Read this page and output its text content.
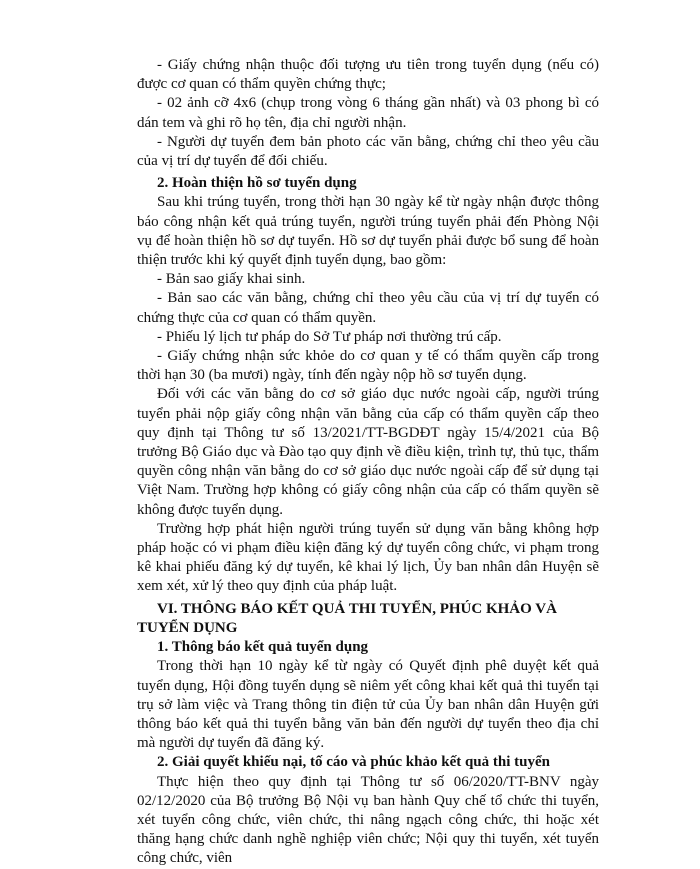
- Giấy chứng nhận thuộc đối tượng ưu tiên trong tuyển dụng (nếu có) được cơ quan có thẩm quyền chứng thực;

- 02 ảnh cỡ 4x6 (chụp trong vòng 6 tháng gần nhất) và 03 phong bì có dán tem và ghi rõ họ tên, địa chỉ người nhận.

- Người dự tuyển đem bản photo các văn bằng, chứng chỉ theo yêu cầu của vị trí dự tuyển để đối chiếu.

2. Hoàn thiện hồ sơ tuyển dụng

Sau khi trúng tuyển, trong thời hạn 30 ngày kể từ ngày nhận được thông báo công nhận kết quả trúng tuyển, người trúng tuyển phải đến Phòng Nội vụ để hoàn thiện hồ sơ dự tuyển. Hồ sơ dự tuyển phải được bổ sung để hoàn thiện trước khi ký quyết định tuyển dụng, bao gồm:

- Bản sao giấy khai sinh.

- Bản sao các văn bằng, chứng chỉ theo yêu cầu của vị trí dự tuyển có chứng thực của cơ quan có thẩm quyền.

- Phiếu lý lịch tư pháp do Sở Tư pháp nơi thường trú cấp.

- Giấy chứng nhận sức khỏe do cơ quan y tế có thẩm quyền cấp trong thời hạn 30 (ba mươi) ngày, tính đến ngày nộp hồ sơ tuyển dụng.

Đối với các văn bằng do cơ sở giáo dục nước ngoài cấp, người trúng tuyển phải nộp giấy công nhận văn bằng của cấp có thẩm quyền cấp theo quy định tại Thông tư số 13/2021/TT-BGDĐT ngày 15/4/2021 của Bộ trưởng Bộ Giáo dục và Đào tạo quy định về điều kiện, trình tự, thủ tục, thẩm quyền công nhận văn bằng do cơ sở giáo dục nước ngoài cấp để sử dụng tại Việt Nam. Trường hợp không có giấy công nhận của cấp có thẩm quyền sẽ không được tuyển dụng.

Trường hợp phát hiện người trúng tuyển sử dụng văn bằng không hợp pháp hoặc có vi phạm điều kiện đăng ký dự tuyển công chức, vi phạm trong kê khai phiếu đăng ký dự tuyển, kê khai lý lịch, Ủy ban nhân dân Huyện sẽ xem xét, xử lý theo quy định của pháp luật.

VI. THÔNG BÁO KẾT QUẢ THI TUYỂN, PHÚC KHẢO VÀ TUYỂN DỤNG

1. Thông báo kết quả tuyển dụng

Trong thời hạn 10 ngày kể từ ngày có Quyết định phê duyệt kết quả tuyển dụng, Hội đồng tuyển dụng sẽ niêm yết công khai kết quả thi tuyển tại trụ sở làm việc và Trang thông tin điện tử của Ủy ban nhân dân Huyện gửi thông báo kết quả thi tuyển bằng văn bản đến người dự tuyển theo địa chỉ mà người dự tuyển đã đăng ký.

2. Giải quyết khiếu nại, tố cáo và phúc khảo kết quả thi tuyển

Thực hiện theo quy định tại Thông tư số 06/2020/TT-BNV ngày 02/12/2020 của Bộ trưởng Bộ Nội vụ ban hành Quy chế tổ chức thi tuyển, xét tuyển công chức, viên chức, thi nâng ngạch công chức, thi hoặc xét thăng hạng chức danh nghề nghiệp viên chức; Nội quy thi tuyển, xét tuyển công chức, viên
